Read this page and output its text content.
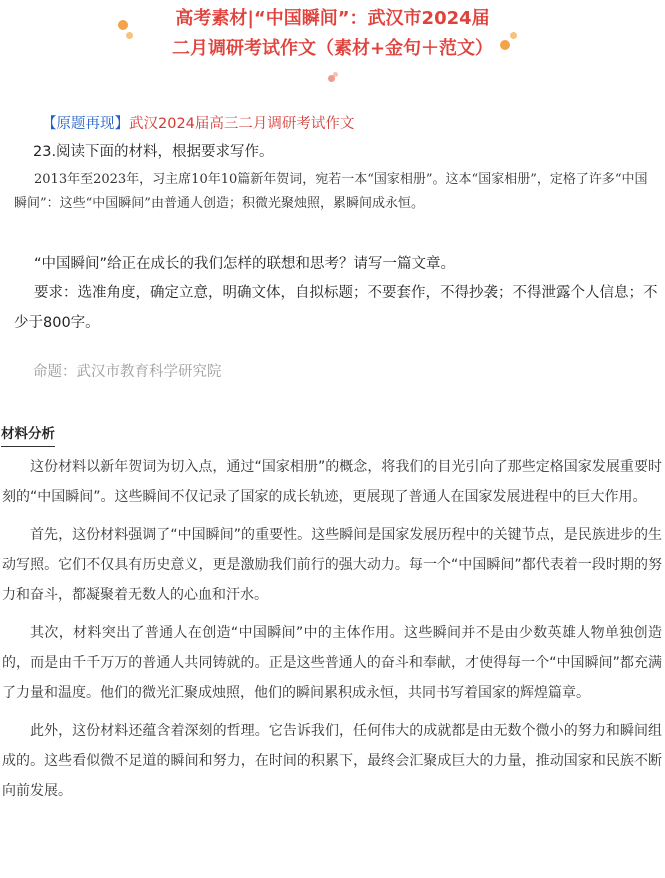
高考素材|“中国瞬间”：武汉市2024届
二月调研考试作文（素材+金句＋范文）
【原题再现】武汉2024届高三二月调研考试作文
23.阅读下面的材料，根据要求写作。

2013年至2023年，习主席10年10篇新年贺词，宛若一本“国家相册”。这本“国家相册”，定格了许多“中国瞬间”：这些“中国瞬间”由普通人创造；积微光聚烛照，累瞬间成永恒。

“中国瞬间”给正在成长的我们怎样的联想和思考？请写一篇文章。

要求：选准角度，确定立意，明确文体，自拟标题；不要套作，不得抄袭；不得泄露个人信息；不少于800字。

命题：武汉市教育科学研究院
材料分析

这份材料以新年贺词为切入点，通过“国家相册”的概念，将我们的目光引向了那些定格国家发展重要时刻的“中国瞬间”。这些瞬间不仅记录了国家的成长轨迹，更展现了普通人在国家发展进程中的巨大作用。

首先，这份材料强调了“中国瞬间”的重要性。这些瞬间是国家发展历程中的关键节点，是民族进步的生动写照。它们不仅具有历史意义，更是激励我们前行的强大动力。每一个“中国瞬间”都代表着一段时期的努力和奋斗，都凝聚着无数人的心血和汗水。

其次，材料突出了普通人在创造“中国瞬间”中的主体作用。这些瞬间并不是由少数英雄人物单独创造的，而是由千千万万的普通人共同铸就的。正是这些普通人的奋斗和奉献，才使得每一个“中国瞬间”都充满了力量和温度。他们的微光汇聚成烛照，他们的瞬间累积成永恒，共同书写着国家的辉煌篇章。

此外，这份材料还蕴含着深刻的哲理。它告诉我们，任何伟大的成就都是由无数个微小的努力和瞬间组成的。这些看似微不足道的瞬间和努力，在时间的积累下，最终会汇聚成巨大的力量，推动国家和民族不断向前发展。
